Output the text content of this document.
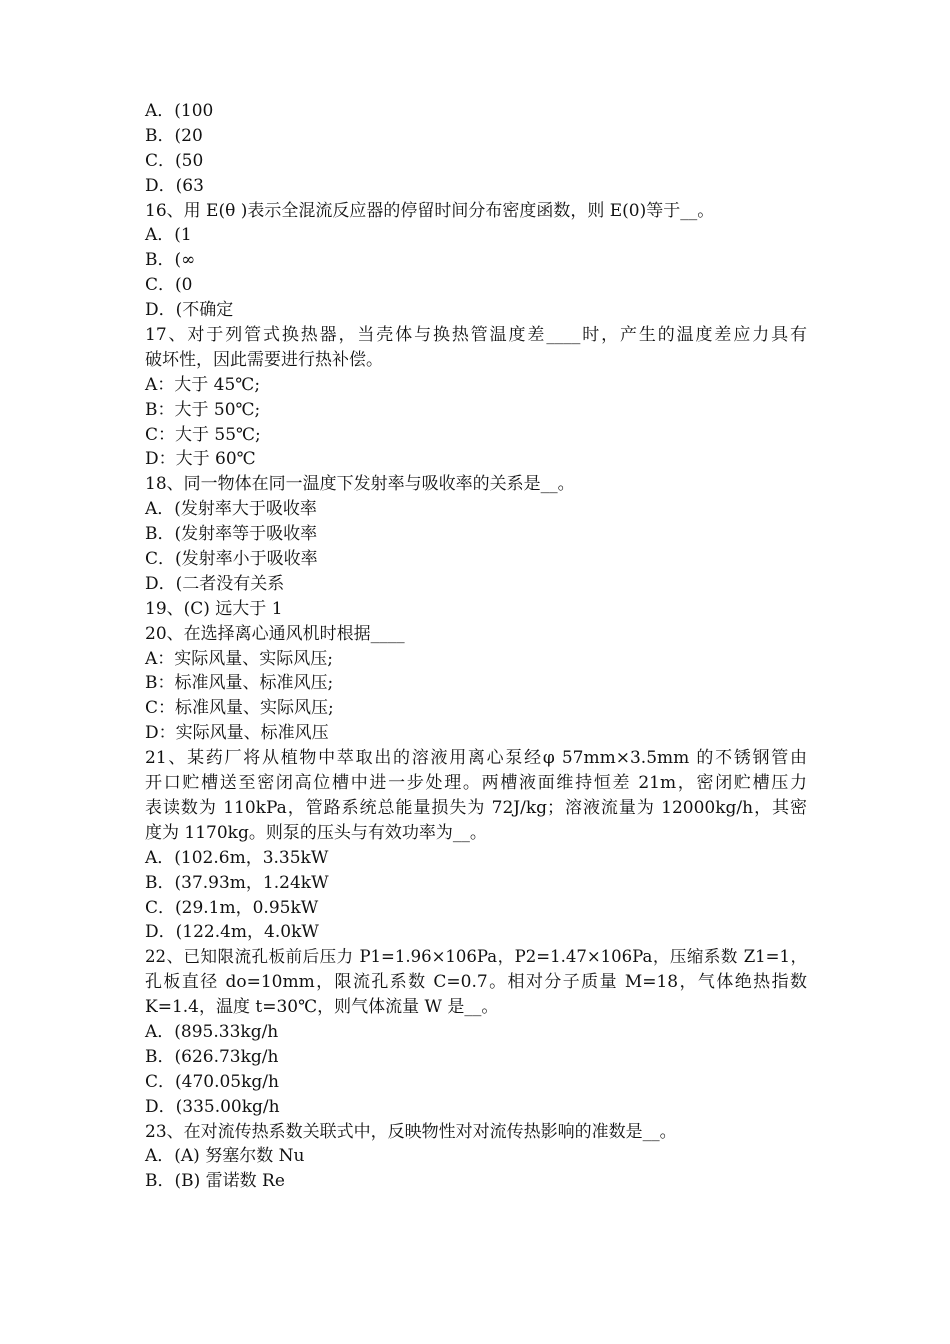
A．(100
B．(20
C．(50
D．(63
16、用 E(θ )表示全混流反应器的停留时间分布密度函数，则 E(0)等于__。
A．(1
B．(∞
C．(0
D．(不确定
17、对于列管式换热器，当壳体与换热管温度差____时，产生的温度差应力具有
破坏性，因此需要进行热补偿。
A：大于 45℃;
B：大于 50℃;
C：大于 55℃;
D：大于 60℃
18、同一物体在同一温度下发射率与吸收率的关系是__。
A．(发射率大于吸收率
B．(发射率等于吸收率
C．(发射率小于吸收率
D．(二者没有关系
19、(C) 远大于 1
20、在选择离心通风机时根据____
A：实际风量、实际风压;
B：标准风量、标准风压;
C：标准风量、实际风压;
D：实际风量、标准风压
21、某药厂将从植物中萃取出的溶液用离心泵经φ 57mm×3.5mm 的不锈钢管由
开口贮槽送至密闭高位槽中进一步处理。两槽液面维持恒差 21m，密闭贮槽压力
表读数为 110kPa，管路系统总能量损失为 72J/kg；溶液流量为 12000kg/h，其密
度为 1170kg。则泵的压头与有效功率为__。
A．(102.6m，3.35kW
B．(37.93m，1.24kW
C．(29.1m，0.95kW
D．(122.4m，4.0kW
22、已知限流孔板前后压力 P1=1.96×106Pa，P2=1.47×106Pa，压缩系数 Z1=1，
孔板直径 do=10mm，限流孔系数 C=0.7。相对分子质量 M=18，气体绝热指数
K=1.4，温度 t=30℃，则气体流量 W 是__。
A．(895.33kg/h
B．(626.73kg/h
C．(470.05kg/h
D．(335.00kg/h
23、在对流传热系数关联式中，反映物性对对流传热影响的准数是__。
A．(A) 努塞尔数 Nu
B．(B) 雷诺数 Re
